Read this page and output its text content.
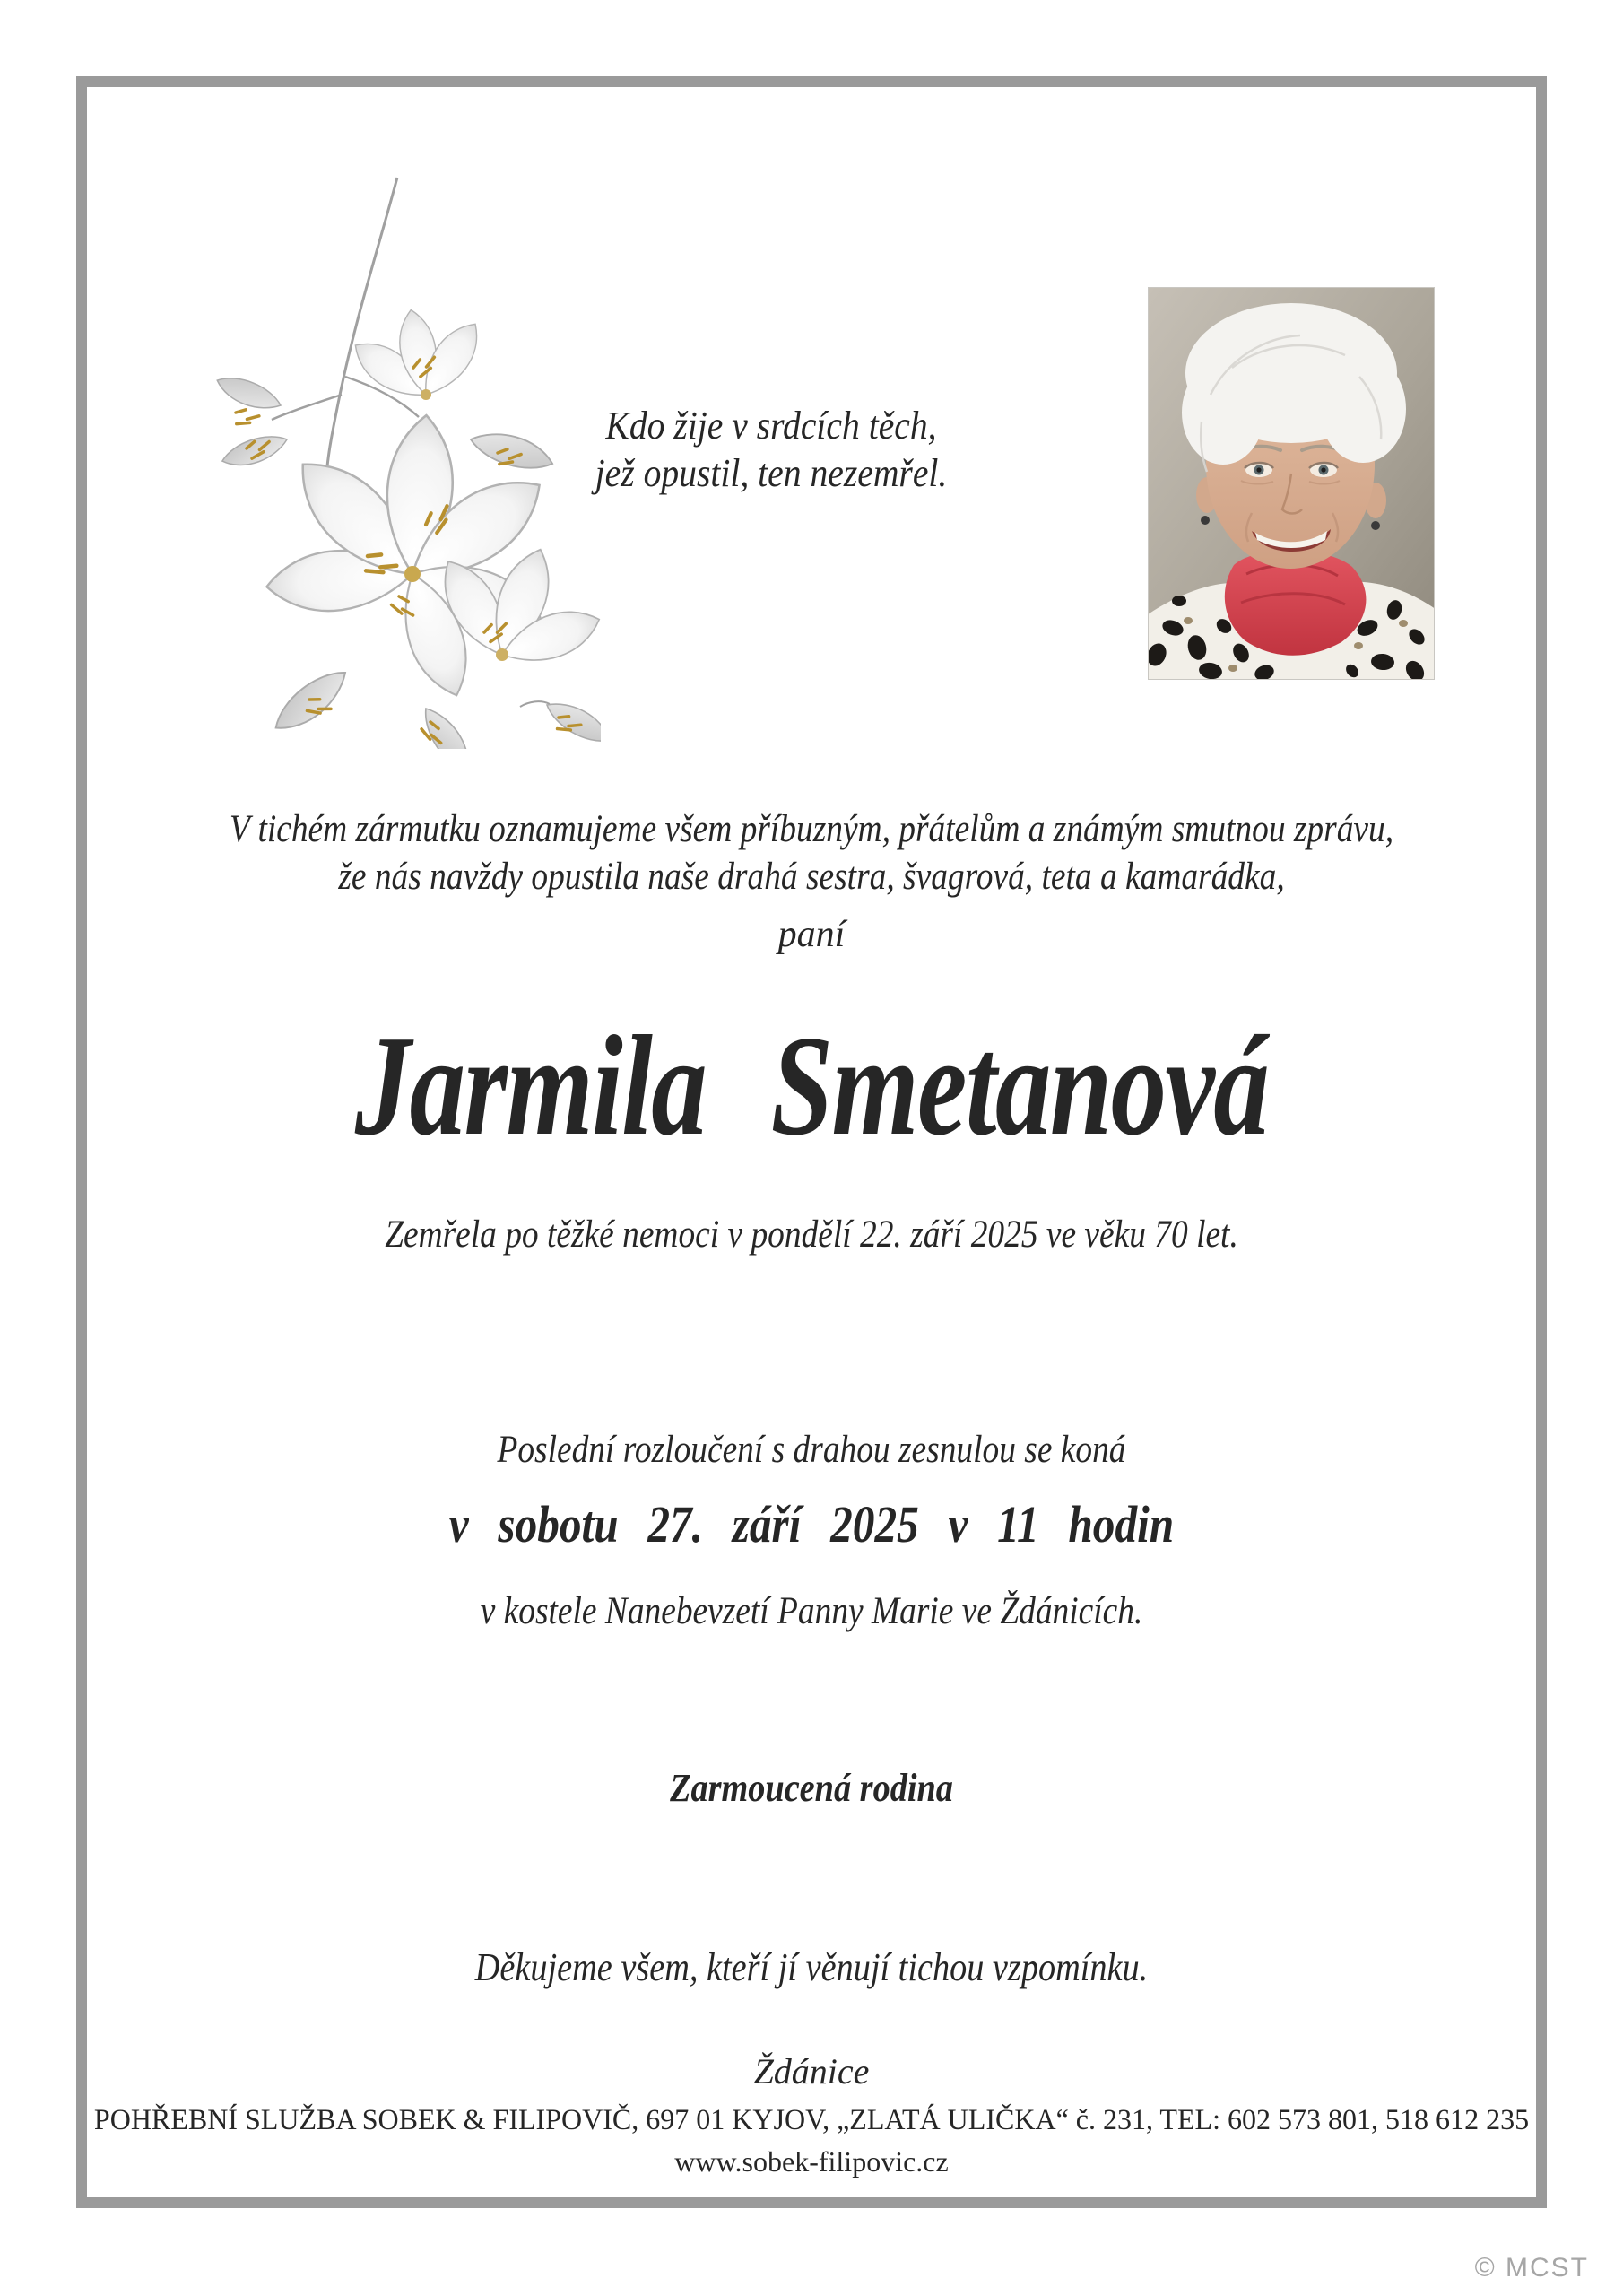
Kdo žije v srdcích těch,
jež opustil, ten nezemřel.
V tichém zármutku oznamujeme všem příbuzným, přátelům a známým smutnou zprávu,
že nás navždy opustila naše drahá sestra, švagrová, teta a kamarádka,
paní
Jarmila Smetanová
Zemřela po těžké nemoci v pondělí 22. září 2025 ve věku 70 let.
Poslední rozloučení s drahou zesnulou se koná
v sobotu 27. září 2025 v 11 hodin
v kostele Nanebevzetí Panny Marie ve Ždánicích.
Zarmoucená rodina
Děkujeme všem, kteří jí věnují tichou vzpomínku.
Ždánice
POHŘEBNÍ SLUŽBA SOBEK & FILIPOVIČ, 697 01 KYJOV, „ZLATÁ ULIČKA“ č. 231, TEL: 602 573 801, 518 612 235
www.sobek-filipovic.cz
© MCST
